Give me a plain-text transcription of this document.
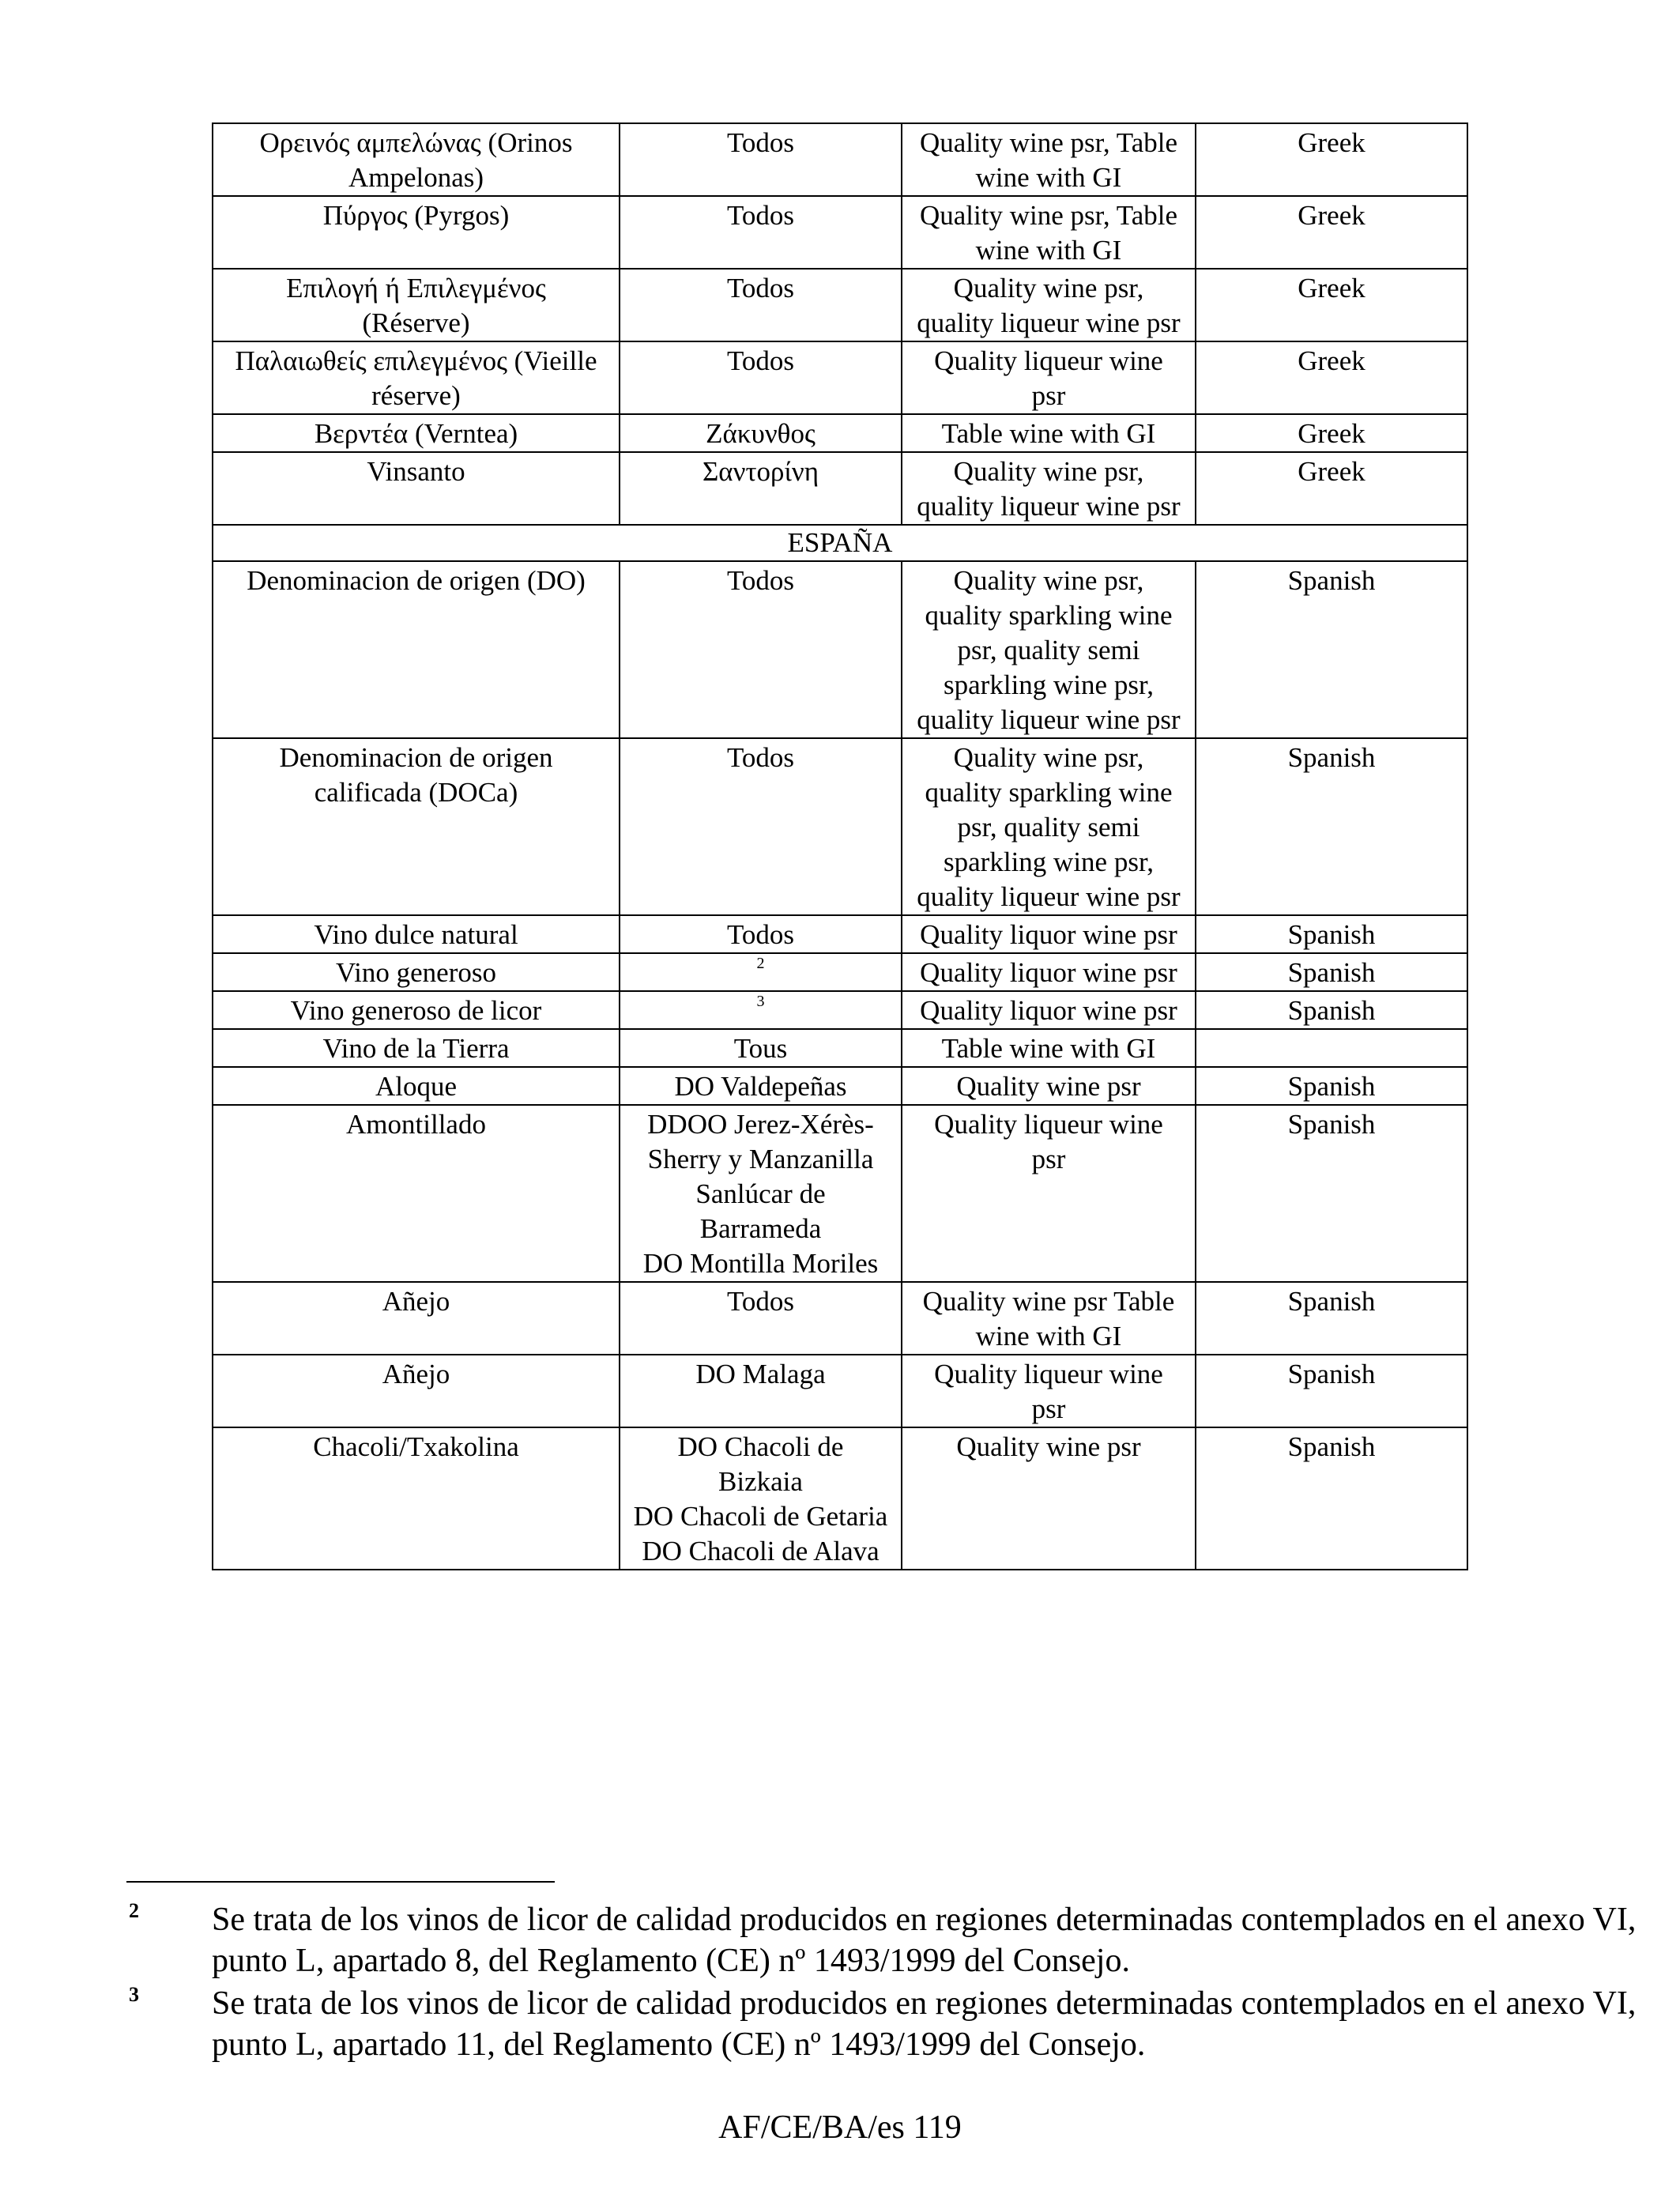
Ορεινός αμπελώνας (Orinos
Ampelonas)	Todos	Quality wine psr, Table
wine with GI	Greek
Πύργος (Pyrgos)	Todos	Quality wine psr, Table
wine with GI	Greek
Επιλογή ή Επιλεγμένος
(Réserve)	Todos	Quality wine psr,
quality liqueur wine psr	Greek
Παλαιωθείς επιλεγμένος (Vieille
réserve)	Todos	Quality liqueur wine
psr	Greek
Βερντέα (Verntea)	Ζάκυνθος	Table wine with GI	Greek
Vinsanto	Σαντορίνη	Quality wine psr,
quality liqueur wine psr	Greek
ESPAÑA			
Denominacion de origen (DO)	Todos	Quality wine psr,
quality sparkling wine
psr, quality semi
sparkling wine psr,
quality liqueur wine psr	Spanish
Denominacion de origen
calificada (DOCa)	Todos	Quality wine psr,
quality sparkling wine
psr, quality semi
sparkling wine psr,
quality liqueur wine psr	Spanish
Vino dulce natural	Todos	Quality liquor wine psr	Spanish
Vino generoso	$^2$	Quality liquor wine psr	Spanish
Vino generoso de licor	$^3$	Quality liquor wine psr	Spanish
Vino de la Tierra	Tous	Table wine with GI	
Aloque	DO Valdepeñas	Quality wine psr	Spanish
Amontillado	DDOO Jerez-Xérès-
Sherry y Manzanilla
Sanlúcar de
Barrameda
DO Montilla Moriles	Quality liqueur wine
psr	Spanish
Añejo	Todos	Quality wine psr Table
wine with GI	Spanish
Añejo	DO Malaga	Quality liqueur wine
psr	Spanish
Chacoli/Txakolina	DO Chacoli de
Bizkaia
DO Chacoli de Getaria
DO Chacoli de Alava	Quality wine psr	Spanish
2 Se trata de los vinos de licor de calidad producidos en regiones determinadas contemplados en el anexo VI, punto L, apartado 8, del Reglamento (CE) nº 1493/1999 del Consejo.
3 Se trata de los vinos de licor de calidad producidos en regiones determinadas contemplados en el anexo VI, punto L, apartado 11, del Reglamento (CE) nº 1493/1999 del Consejo.
AF/CE/BA/es 119
